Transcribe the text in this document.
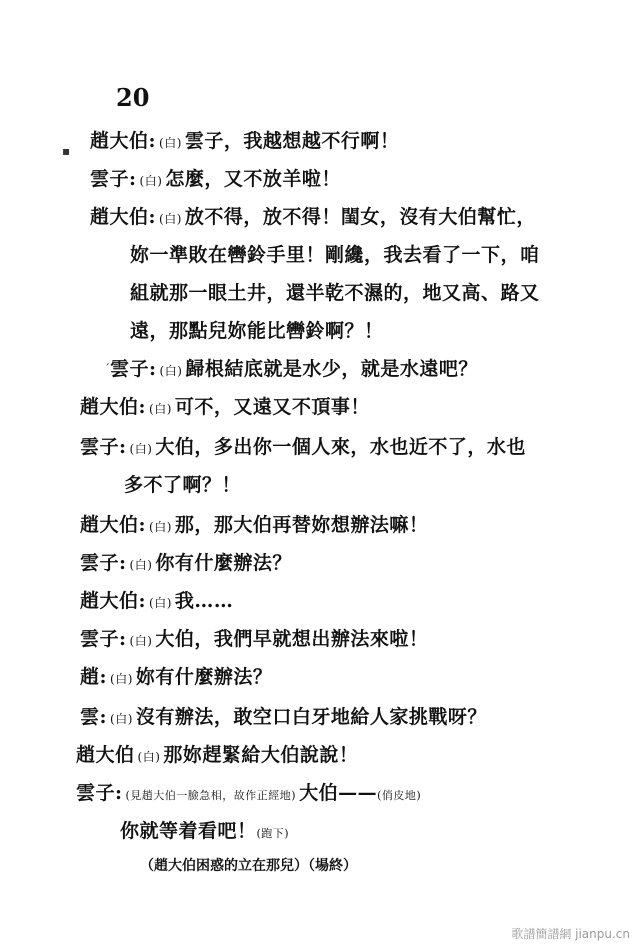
20
▪
ˊ
趙大伯: (白) 雲子，我越想越不行啊！
雲子: (白) 怎麼，又不放羊啦！
趙大伯: (白) 放不得，放不得！閨女，沒有大伯幫忙，
妳一準敗在轡鈴手里！剛纔，我去看了一下，咱
組就那一眼土井，還半乾不濕的，地又高、路又
遠，那點兒妳能比轡鈴啊？！
雲子: (白) 歸根結底就是水少，就是水遠吧？
趙大伯: (白) 可不，又遠又不頂事！
雲子: (白) 大伯，多出你一個人來，水也近不了，水也
多不了啊？！
趙大伯: (白) 那，那大伯再替妳想辦法嘛！
雲子: (白) 你有什麼辦法？
趙大伯: (白) 我……
雲子: (白) 大伯，我們早就想出辦法來啦！
趙: (白) 妳有什麼辦法？
雲: (白) 沒有辦法，敢空口白牙地給人家挑戰呀？
趙大伯 (白) 那妳趕緊給大伯說說！
雲子: (見趙大伯一臉急相，故作正經地) 大伯——(俏皮地)
你就等着看吧！(跑下)
（趙大伯困惑的立在那兒）（場終）
歌譜簡譜網 jianpu.cn
